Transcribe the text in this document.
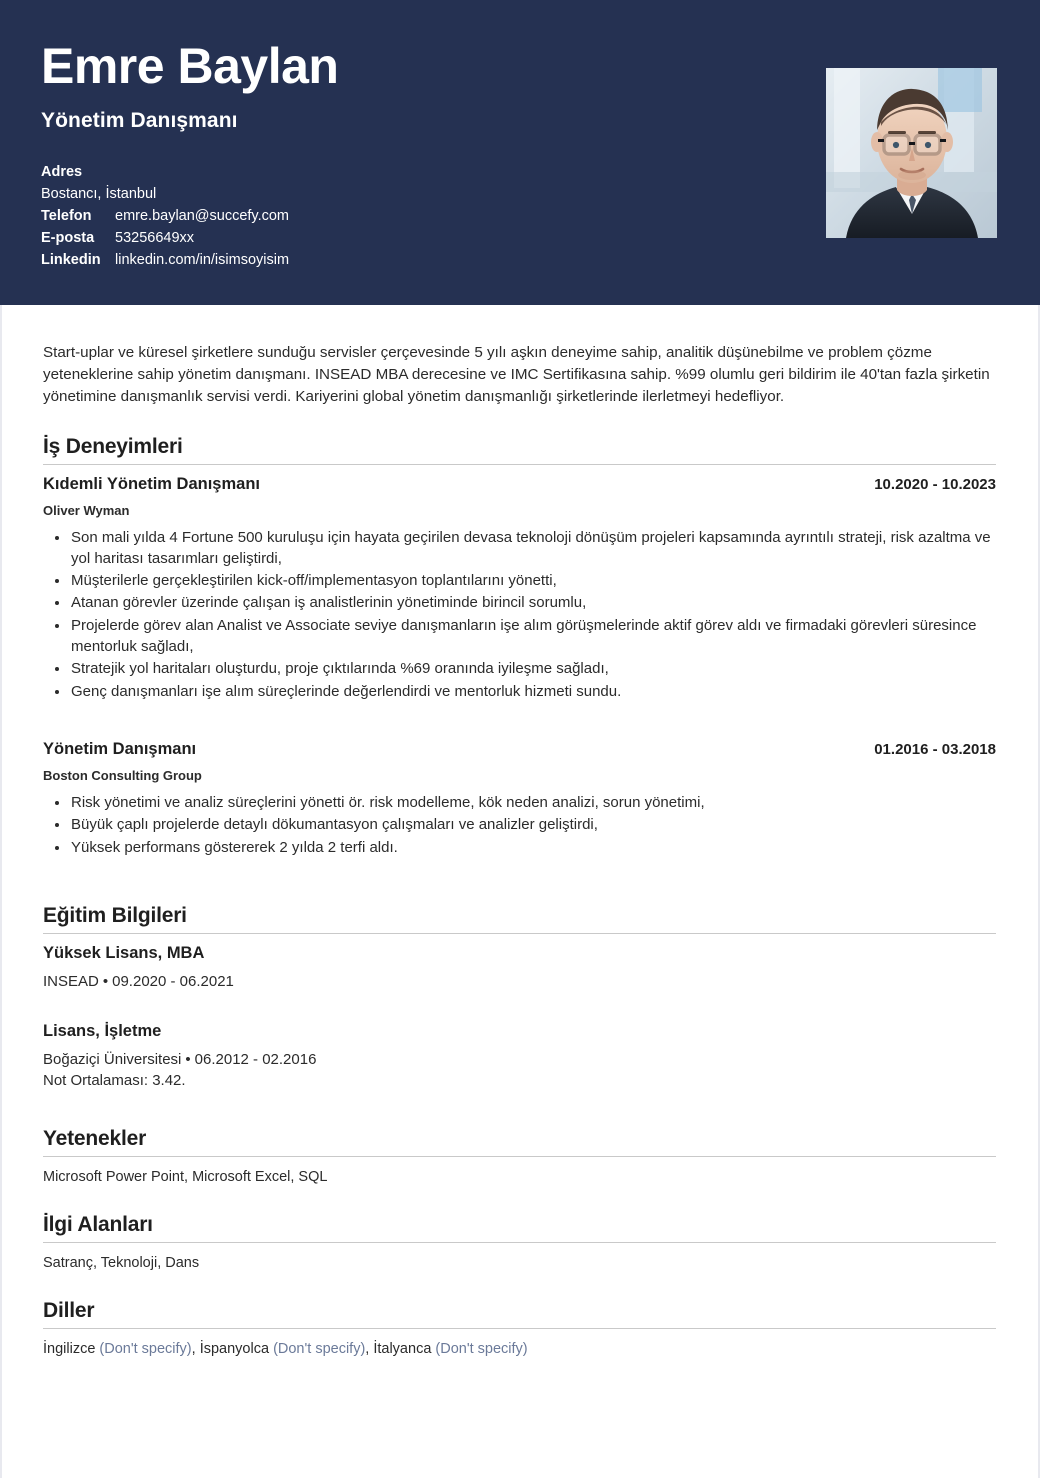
Emre Baylan
Yönetim Danışmanı
Adres
Bostancı, İstanbul
Telefon emre.baylan@succefy.com
E-posta 53256649xx
Linkedin linkedin.com/in/isimsoyisim

Start-uplar ve küresel şirketlere sunduğu servisler çerçevesinde 5 yılı aşkın deneyime sahip, analitik düşünebilme ve problem çözme yeteneklerine sahip yönetim danışmanı. INSEAD MBA derecesine ve IMC Sertifikasına sahip. %99 olumlu geri bildirim ile 40'tan fazla şirketin yönetimine danışmanlık servisi verdi. Kariyerini global yönetim danışmanlığı şirketlerinde ilerletmeyi hedefliyor.

İş Deneyimleri
Kıdemli Yönetim Danışmanı	10.2020 - 10.2023
Oliver Wyman
Son mali yılda 4 Fortune 500 kuruluşu için hayata geçirilen devasa teknoloji dönüşüm projeleri kapsamında ayrıntılı strateji, risk azaltma ve yol haritası tasarımları geliştirdi,
Müşterilerle gerçekleştirilen kick-off/implementasyon toplantılarını yönetti,
Atanan görevler üzerinde çalışan iş analistlerinin yönetiminde birincil sorumlu,
Projelerde görev alan Analist ve Associate seviye danışmanların işe alım görüşmelerinde aktif görev aldı ve firmadaki görevleri süresince mentorluk sağladı,
Stratejik yol haritaları oluşturdu, proje çıktılarında %69 oranında iyileşme sağladı,
Genç danışmanları işe alım süreçlerinde değerlendirdi ve mentorluk hizmeti sundu.
Yönetim Danışmanı	01.2016 - 03.2018
Boston Consulting Group
Risk yönetimi ve analiz süreçlerini yönetti ör. risk modelleme, kök neden analizi, sorun yönetimi,
Büyük çaplı projelerde detaylı dökumantasyon çalışmaları ve analizler geliştirdi,
Yüksek performans göstererek 2 yılda 2 terfi aldı.
Eğitim Bilgileri
Yüksek Lisans, MBA
INSEAD • 09.2020 - 06.2021
Lisans, İşletme
Boğaziçi Üniversitesi • 06.2012 - 02.2016
Not Ortalaması: 3.42.
Yetenekler
Microsoft Power Point, Microsoft Excel, SQL
İlgi Alanları
Satranç, Teknoloji, Dans
Diller
İngilizce (Don't specify), İspanyolca (Don't specify), İtalyanca (Don't specify)
